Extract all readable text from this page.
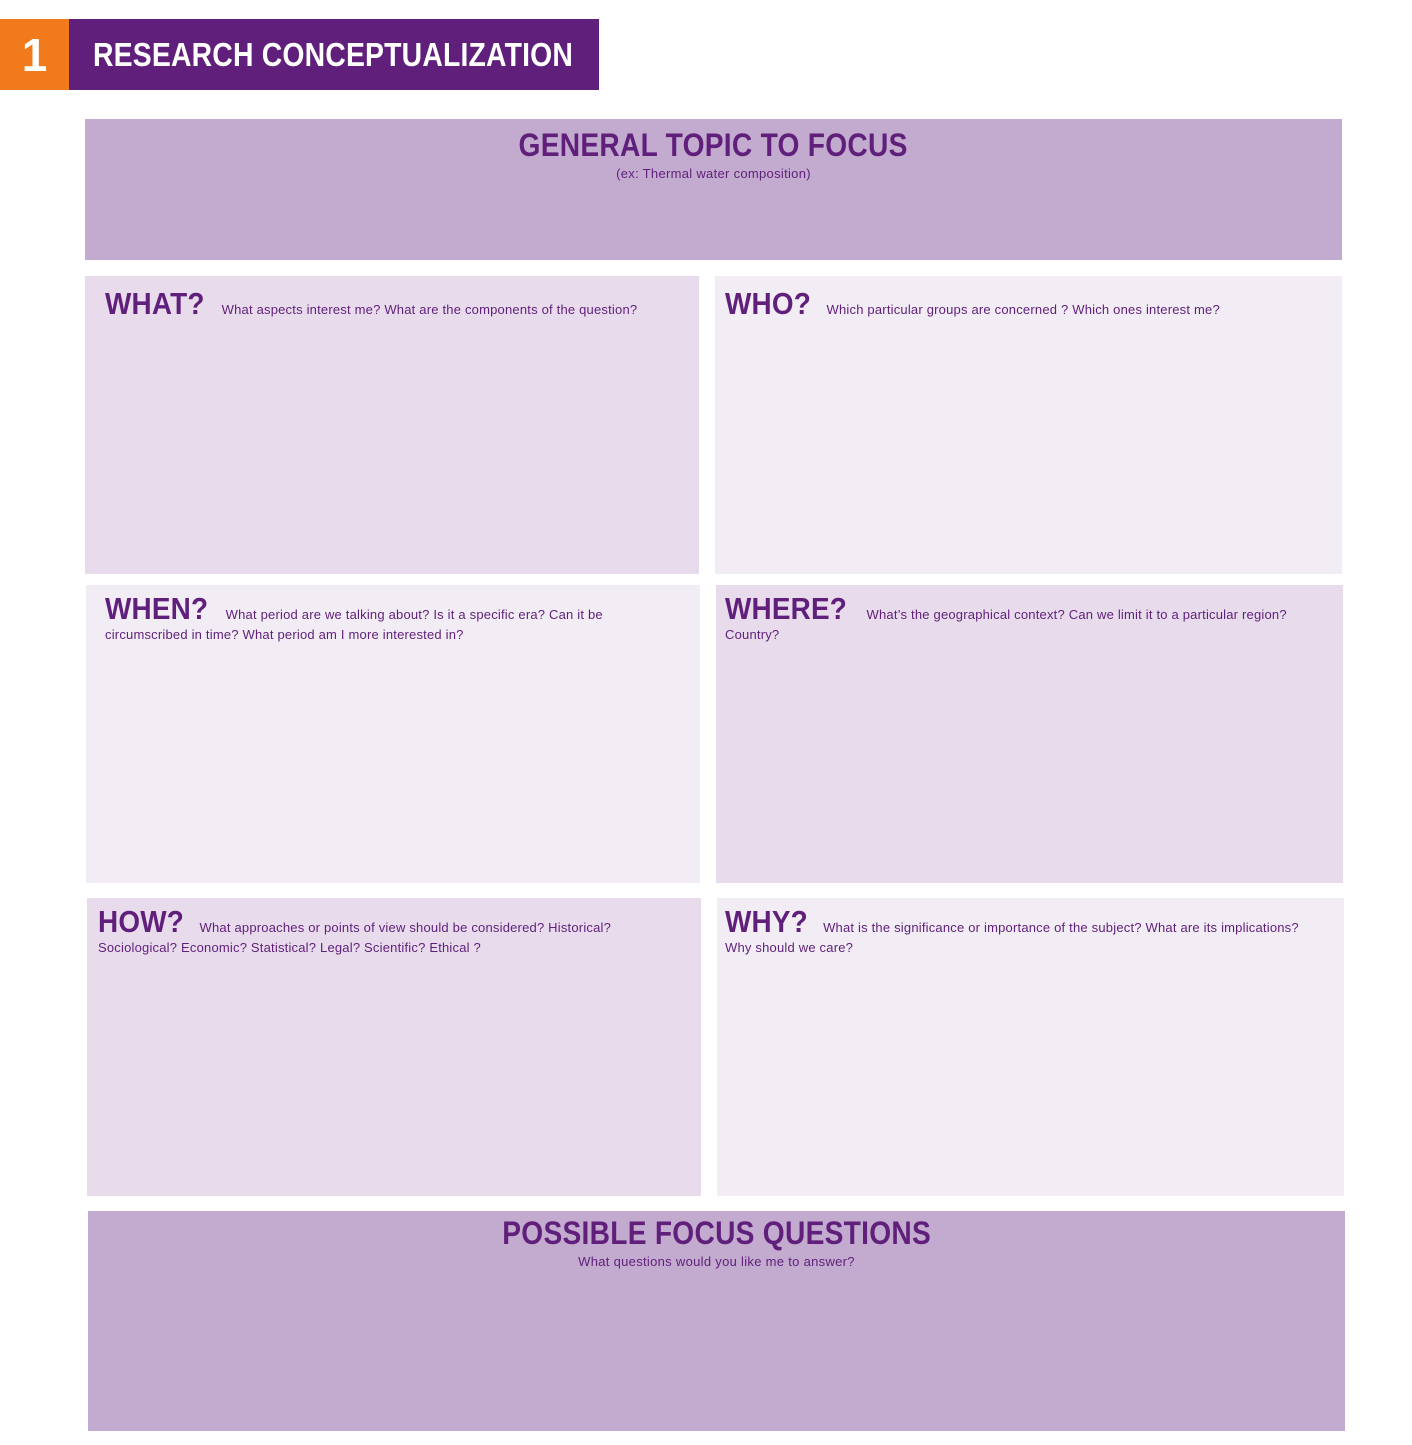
1	RESEARCH CONCEPTUALIZATION
GENERAL TOPIC TO FOCUS
(ex: Thermal water composition)
WHAT? What aspects interest me? What are the components of the question?	WHO? Which particular groups are concerned ? Which ones interest me?
WHEN? What period are we talking about? Is it a specific era? Can it be circumscribed in time? What period am I more interested in?
WHERE? What’s the geographical context? Can we limit it to a particular region? Country?
HOW? What approaches or points of view should be considered? Historical? Sociological? Economic? Statistical? Legal? Scientific? Ethical ?
WHY? What is the significance or importance of the subject? What are its implications? Why should we care?
POSSIBLE FOCUS QUESTIONS
What questions would you like me to answer?
